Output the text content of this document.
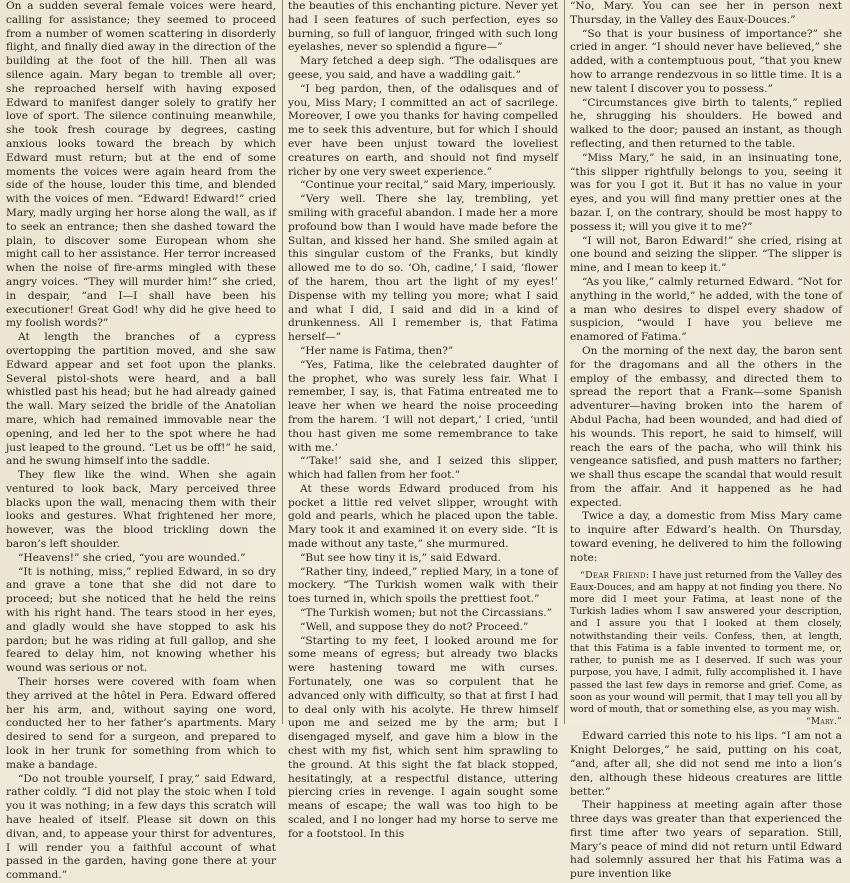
On a sudden several female voices were heard, calling for assistance; they seemed to proceed from a number of women scattering in disorderly flight, and finally died away in the direction of the building at the foot of the hill. Then all was silence again. Mary began to tremble all over; she reproached herself with having exposed Edward to manifest danger solely to gratify her love of sport. The silence continuing meanwhile, she took fresh courage by degrees, casting anxious looks toward the breach by which Edward must return; but at the end of some moments the voices were again heard from the side of the house, louder this time, and blended with the voices of men. “Edward! Edward!” cried Mary, madly urging her horse along the wall, as if to seek an entrance; then she dashed toward the plain, to discover some European whom she might call to her assistance. Her terror increased when the noise of fire-arms mingled with these angry voices. “They will murder him!” she cried, in despair, “and I—I shall have been his executioner! Great God! why did he give heed to my foolish words?”

At length the branches of a cypress overtopping the partition moved, and she saw Edward appear and set foot upon the planks. Several pistol-shots were heard, and a ball whistled past his head; but he had already gained the wall. Mary seized the bridle of the Anatolian mare, which had remained immovable near the opening, and led her to the spot where he had just leaped to the ground. “Let us be off!” he said, and he swung himself into the saddle.

They flew like the wind. When she again ventured to look back, Mary perceived three blacks upon the wall, menacing them with their looks and gestures. What frightened her more, however, was the blood trickling down the baron’s left shoulder.

“Heavens!” she cried, “you are wounded.”

“It is nothing, miss,” replied Edward, in so dry and grave a tone that she did not dare to proceed; but she noticed that he held the reins with his right hand. The tears stood in her eyes, and gladly would she have stopped to ask his pardon; but he was riding at full gallop, and she feared to delay him, not knowing whether his wound was serious or not.

Their horses were covered with foam when they arrived at the hôtel in Pera. Edward offered her his arm, and, without saying one word, conducted her to her father’s apartments. Mary desired to send for a surgeon, and prepared to look in her trunk for something from which to make a bandage.

“Do not trouble yourself, I pray,” said Edward, rather coldly. “I did not play the stoic when I told you it was nothing; in a few days this scratch will have healed of itself. Please sit down on this divan, and, to appease your thirst for adventures, I will render you a faithful account of what passed in the garden, having gone there at your command.”

the beauties of this enchanting picture. Never yet had I seen features of such perfection, eyes so burning, so full of languor, fringed with such long eyelashes, never so splendid a figure—”

Mary fetched a deep sigh. “The odalisques are geese, you said, and have a waddling gait.”

“I beg pardon, then, of the odalisques and of you, Miss Mary; I committed an act of sacrilege. Moreover, I owe you thanks for having compelled me to seek this adventure, but for which I should ever have been unjust toward the loveliest creatures on earth, and should not find myself richer by one very sweet experience.”

“Continue your recital,” said Mary, imperiously.

“Very well. There she lay, trembling, yet smiling with graceful abandon. I made her a more profound bow than I would have made before the Sultan, and kissed her hand. She smiled again at this singular custom of the Franks, but kindly allowed me to do so. ‘Oh, cadine,’ I said, ‘flower of the harem, thou art the light of my eyes!’ Dispense with my telling you more; what I said and what I did, I said and did in a kind of drunkenness. All I remember is, that Fatima herself—”

“Her name is Fatima, then?”

“Yes, Fatima, like the celebrated daughter of the prophet, who was surely less fair. What I remember, I say, is, that Fatima entreated me to leave her when we heard the noise proceeding from the harem. ‘I will not depart,’ I cried, ‘until thou hast given me some remembrance to take with me.’

“‘Take!’ said she, and I seized this slipper, which had fallen from her foot.”

At these words Edward produced from his pocket a little red velvet slipper, wrought with gold and pearls, which he placed upon the table. Mary took it and examined it on every side. “It is made without any taste,” she murmured.

“But see how tiny it is,” said Edward.

“Rather tiny, indeed,” replied Mary, in a tone of mockery. “The Turkish women walk with their toes turned in, which spoils the prettiest foot.”

“The Turkish women; but not the Circassians.”

“Well, and suppose they do not? Proceed.”

“Starting to my feet, I looked around me for some means of egress; but already two blacks were hastening toward me with curses. Fortunately, one was so corpulent that he advanced only with difficulty, so that at first I had to deal only with his acolyte. He threw himself upon me and seized me by the arm; but I disengaged myself, and gave him a blow in the chest with my fist, which sent him sprawling to the ground. At this sight the fat black stopped, hesitatingly, at a respectful distance, uttering piercing cries in revenge. I again sought some means of escape; the wall was too high to be scaled, and I no longer had my horse to serve me for a footstool. In this

“No, Mary. You can see her in person next Thursday, in the Valley des Eaux-Douces.”

“So that is your business of importance?” she cried in anger. “I should never have believed,” she added, with a contemptuous pout, “that you knew how to arrange rendezvous in so little time. It is a new talent I discover you to possess.”

“Circumstances give birth to talents,” replied he, shrugging his shoulders. He bowed and walked to the door; paused an instant, as though reflecting, and then returned to the table.

“Miss Mary,” he said, in an insinuating tone, “this slipper rightfully belongs to you, seeing it was for you I got it. But it has no value in your eyes, and you will find many prettier ones at the bazar. I, on the contrary, should be most happy to possess it; will you give it to me?”

“I will not, Baron Edward!” she cried, rising at one bound and seizing the slipper. “The slipper is mine, and I mean to keep it.”

“As you like,” calmly returned Edward. “Not for anything in the world,” he added, with the tone of a man who desires to dispel every shadow of suspicion, “would I have you believe me enamored of Fatima.”

On the morning of the next day, the baron sent for the dragomans and all the others in the employ of the embassy, and directed them to spread the report that a Frank—some Spanish adventurer—having broken into the harem of Abdul Pacha, had been wounded, and had died of his wounds. This report, he said to himself, will reach the ears of the pacha, who will think his vengeance satisfied, and push matters no farther; we shall thus escape the scandal that would result from the affair. And it happened as he had expected.

Twice a day, a domestic from Miss Mary came to inquire after Edward’s health. On Thursday, toward evening, he delivered to him the following note:

“Dear Friend: I have just returned from the Valley des Eaux-Douces, and am happy at not finding you there. No more did I meet your Fatima, at least none of the Turkish ladies whom I saw answered your description, and I assure you that I looked at them closely, notwithstanding their veils. Confess, then, at length, that this Fatima is a fable invented to torment me, or, rather, to punish me as I deserved. If such was your purpose, you have, I admit, fully accomplished it. I have passed the last few days in remorse and grief. Come, as soon as your wound will permit, that I may tell you all by word of mouth, that or something else, as you may wish.

“Mary.”

Edward carried this note to his lips. “I am not a Knight Delorges,” he said, putting on his coat, “and, after all, she did not send me into a lion’s den, although these hideous creatures are little better.”

Their happiness at meeting again after those three days was greater than that experienced the first time after two years of separation. Still, Mary’s peace of mind did not return until Edward had solemnly assured her that his Fatima was a pure invention like
